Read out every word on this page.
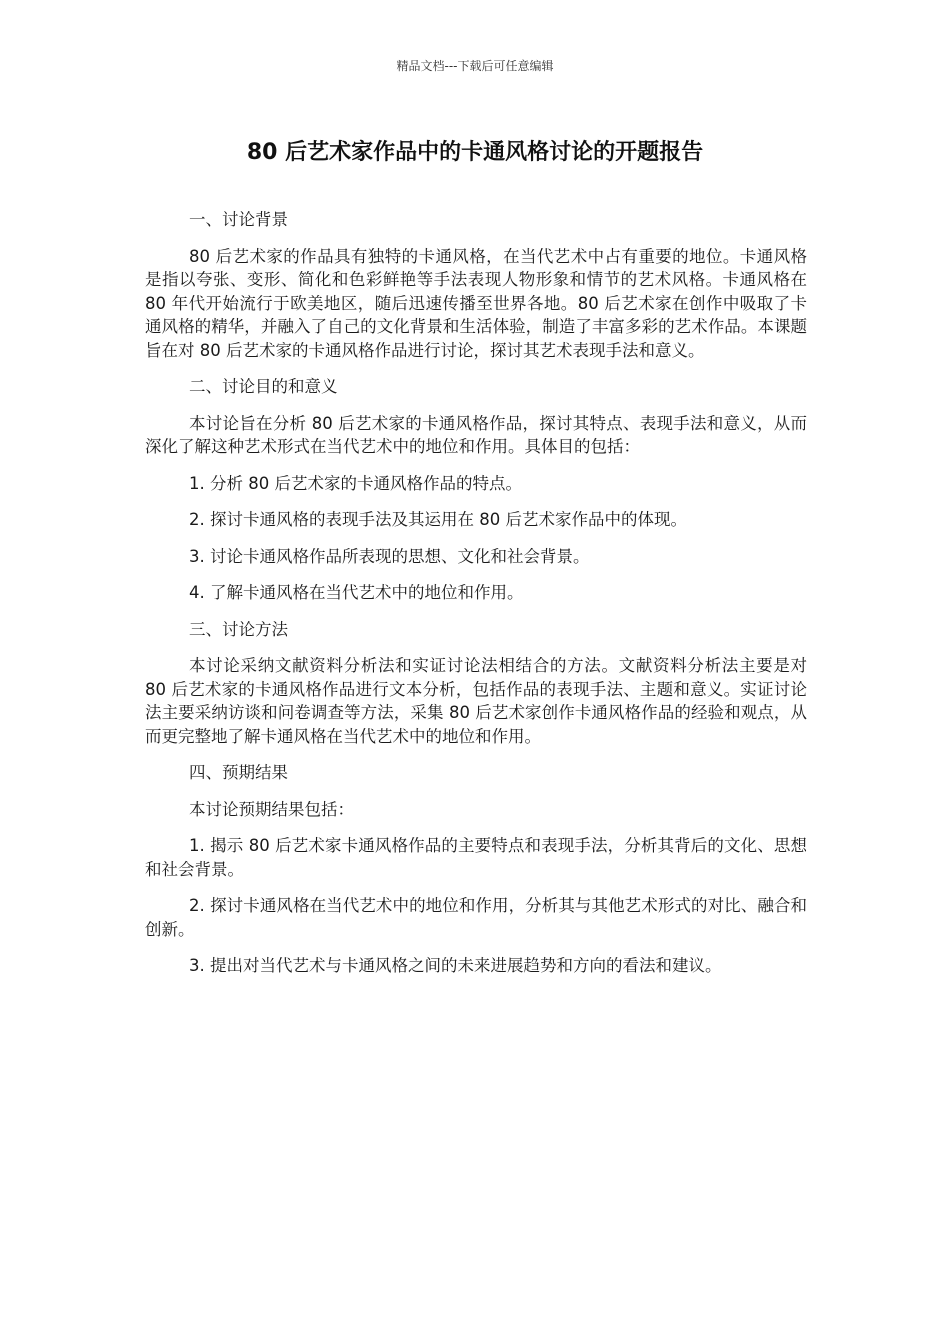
精品文档---下载后可任意编辑
80 后艺术家作品中的卡通风格讨论的开题报告

一、讨论背景

80 后艺术家的作品具有独特的卡通风格，在当代艺术中占有重要的地位。卡通风格是指以夸张、变形、简化和色彩鲜艳等手法表现人物形象和情节的艺术风格。卡通风格在 80 年代开始流行于欧美地区，随后迅速传播至世界各地。80 后艺术家在创作中吸取了卡通风格的精华，并融入了自己的文化背景和生活体验，制造了丰富多彩的艺术作品。本课题旨在对 80 后艺术家的卡通风格作品进行讨论，探讨其艺术表现手法和意义。

二、讨论目的和意义

本讨论旨在分析 80 后艺术家的卡通风格作品，探讨其特点、表现手法和意义，从而深化了解这种艺术形式在当代艺术中的地位和作用。具体目的包括：

1. 分析 80 后艺术家的卡通风格作品的特点。

2. 探讨卡通风格的表现手法及其运用在 80 后艺术家作品中的体现。

3. 讨论卡通风格作品所表现的思想、文化和社会背景。

4. 了解卡通风格在当代艺术中的地位和作用。

三、讨论方法

本讨论采纳文献资料分析法和实证讨论法相结合的方法。文献资料分析法主要是对 80 后艺术家的卡通风格作品进行文本分析，包括作品的表现手法、主题和意义。实证讨论法主要采纳访谈和问卷调查等方法，采集 80 后艺术家创作卡通风格作品的经验和观点，从而更完整地了解卡通风格在当代艺术中的地位和作用。

四、预期结果

本讨论预期结果包括：

1. 揭示 80 后艺术家卡通风格作品的主要特点和表现手法，分析其背后的文化、思想和社会背景。

2. 探讨卡通风格在当代艺术中的地位和作用，分析其与其他艺术形式的对比、融合和创新。

3. 提出对当代艺术与卡通风格之间的未来进展趋势和方向的看法和建议。
